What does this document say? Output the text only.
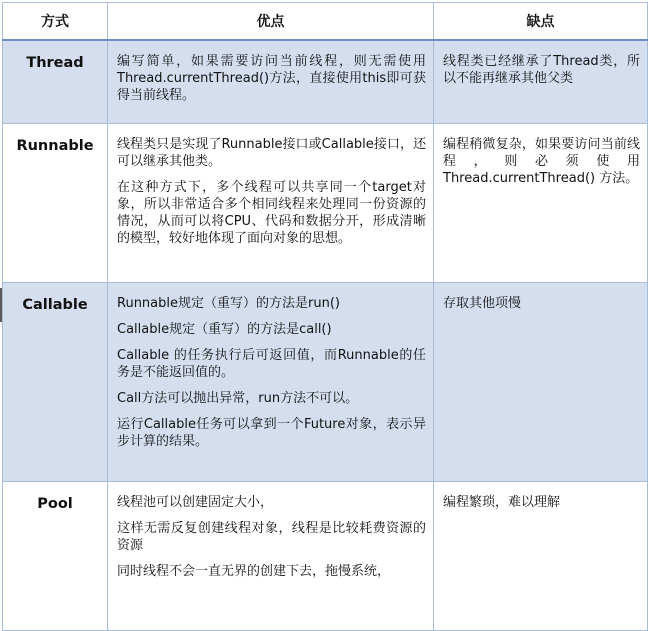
方式	优点	缺点
Thread	编写简单，如果需要访问当前线程，则无需使用Thread.currentThread()方法，直接使用this即可获得当前线程。	线程类已经继承了Thread类，所以不能再继承其他父类

Runnable	线程类只是实现了Runnable接口或Callable接口，还可以继承其他类。

在这种方式下，多个线程可以共享同一个target对象，所以非常适合多个相同线程来处理同一份资源的情况，从而可以将CPU、代码和数据分开，形成清晰的模型，较好地体现了面向对象的思想。	编程稍微复杂，如果要访问当前线程，则必须使用Thread.currentThread() 方法。

Callable	Runnable规定（重写）的方法是run()

Callable规定（重写）的方法是call()

Callable 的任务执行后可返回值，而Runnable的任务是不能返回值的。

Call方法可以抛出异常，run方法不可以。

运行Callable任务可以拿到一个Future对象，表示异步计算的结果。	存取其他项慢

Pool	线程池可以创建固定大小，

这样无需反复创建线程对象，线程是比较耗费资源的资源

同时线程不会一直无界的创建下去，拖慢系统，	编程繁琐，难以理解
